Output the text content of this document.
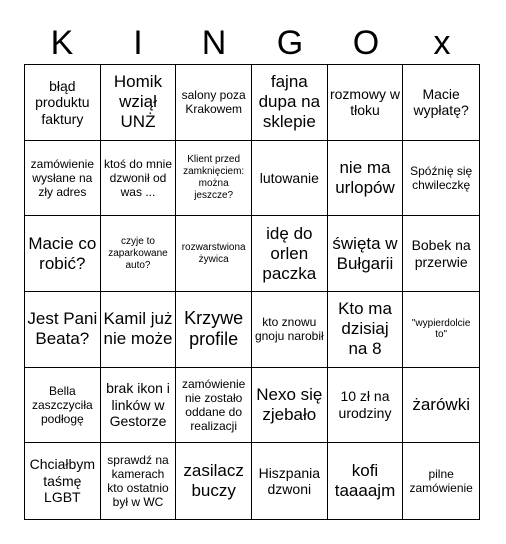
K	I	N	G	O	x
błąd produktu faktury
Homik wziął UNŻ
salony poza Krakowem
fajna dupa na sklepie
rozmowy w tłoku
Macie wypłatę?
zamówienie wysłane na zły adres
ktoś do mnie dzwonił od was ...
Klient przed zamknięciem: można jeszcze?
lutowanie
nie ma urlopów
Spóźnię się chwileczkę
Macie co robić?
czyje to zaparkowane auto?
rozwarstwiona żywica
idę do orlen paczka
święta w Bułgarii
Bobek na przerwie
Jest Pani Beata?
Kamil już nie może
Krzywe profile
kto znowu gnoju narobił
Kto ma dzisiaj na 8
"wypierdolcie to"
Bella zaszczyciła podłogę
brak ikon i linków w Gestorze
zamówienie nie zostało oddane do realizacji
Nexo się zjebało
10 zł na urodziny	żarówki
Chciałbym taśmę LGBT
sprawdź na kamerach kto ostatnio był w WC
zasilacz buczy
Hiszpania dzwoni
kofi taaaajm
pilne zamówienie
